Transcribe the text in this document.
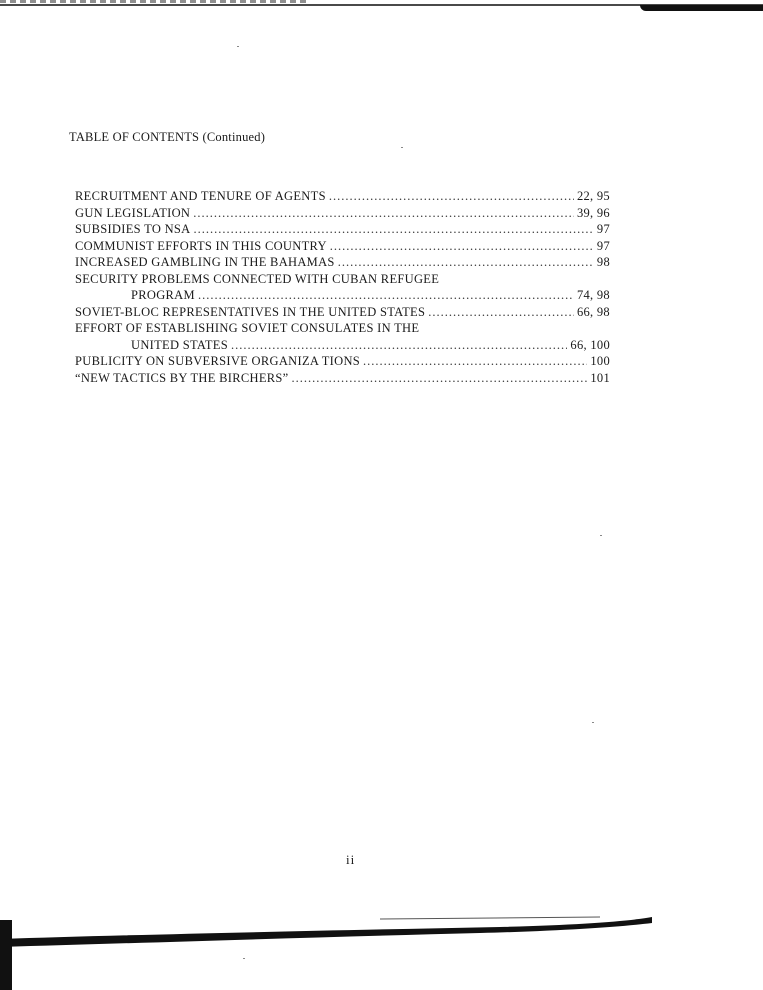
TABLE OF CONTENTS (Continued)
RECRUITMENT AND TENURE OF AGENTS .....	22, 95
GUN LEGISLATION .....	39, 96
SUBSIDIES TO NSA .....	97
COMMUNIST EFFORTS IN THIS COUNTRY .....	97
INCREASED GAMBLING IN THE BAHAMAS .....	98
SECURITY PROBLEMS CONNECTED WITH CUBAN REFUGEE
PROGRAM .....	74, 98
SOVIET-BLOC REPRESENTATIVES IN THE UNITED STATES .....	66, 98
EFFORT OF ESTABLISHING SOVIET CONSULATES IN THE
UNITED STATES .....	66, 100
PUBLICITY ON SUBVERSIVE ORGANIZA TIONS .....	100
“NEW TACTICS BY THE BIRCHERS” .....	101
ii
